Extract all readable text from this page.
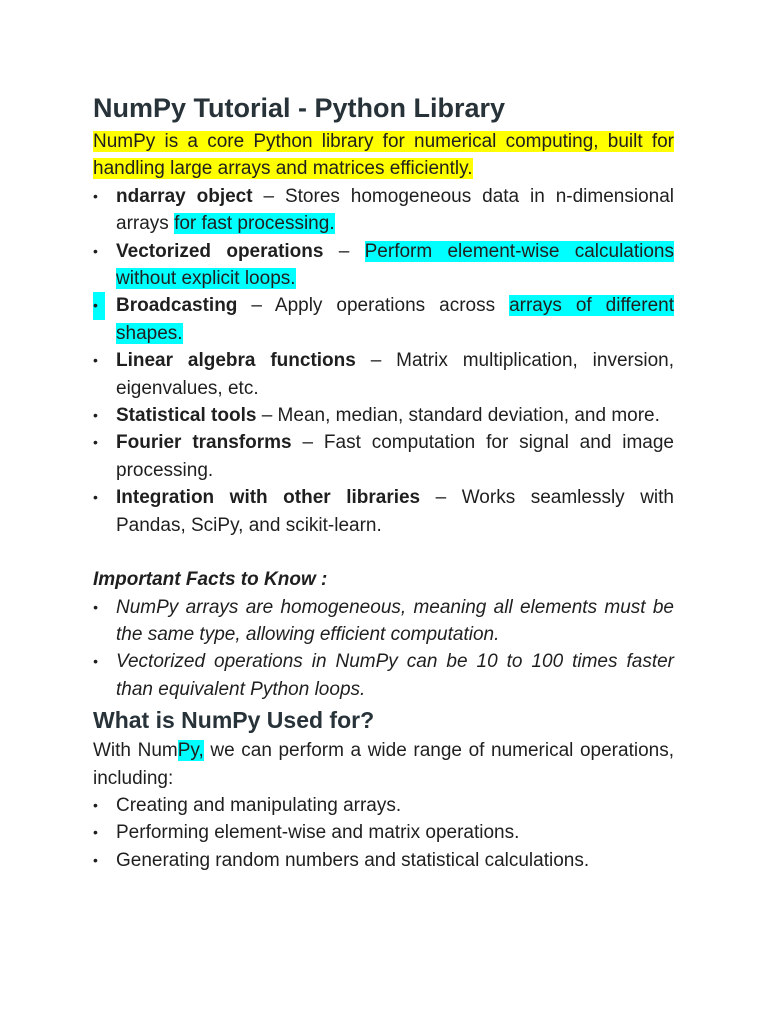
NumPy Tutorial - Python Library

NumPy is a core Python library for numerical computing, built for handling large arrays and matrices efficiently.

• ndarray object – Stores homogeneous data in n-dimensional arrays for fast processing.
• Vectorized operations – Perform element-wise calculations without explicit loops.
• Broadcasting – Apply operations across arrays of different shapes.
• Linear algebra functions – Matrix multiplication, inversion, eigenvalues, etc.
• Statistical tools – Mean, median, standard deviation, and more.
• Fourier transforms – Fast computation for signal and image processing.
• Integration with other libraries – Works seamlessly with Pandas, SciPy, and scikit-learn.
Important Facts to Know :
• NumPy arrays are homogeneous, meaning all elements must be the same type, allowing efficient computation.
• Vectorized operations in NumPy can be 10 to 100 times faster than equivalent Python loops.
What is NumPy Used for?

With NumPy, we can perform a wide range of numerical operations, including:

• Creating and manipulating arrays.
• Performing element-wise and matrix operations.
• Generating random numbers and statistical calculations.
